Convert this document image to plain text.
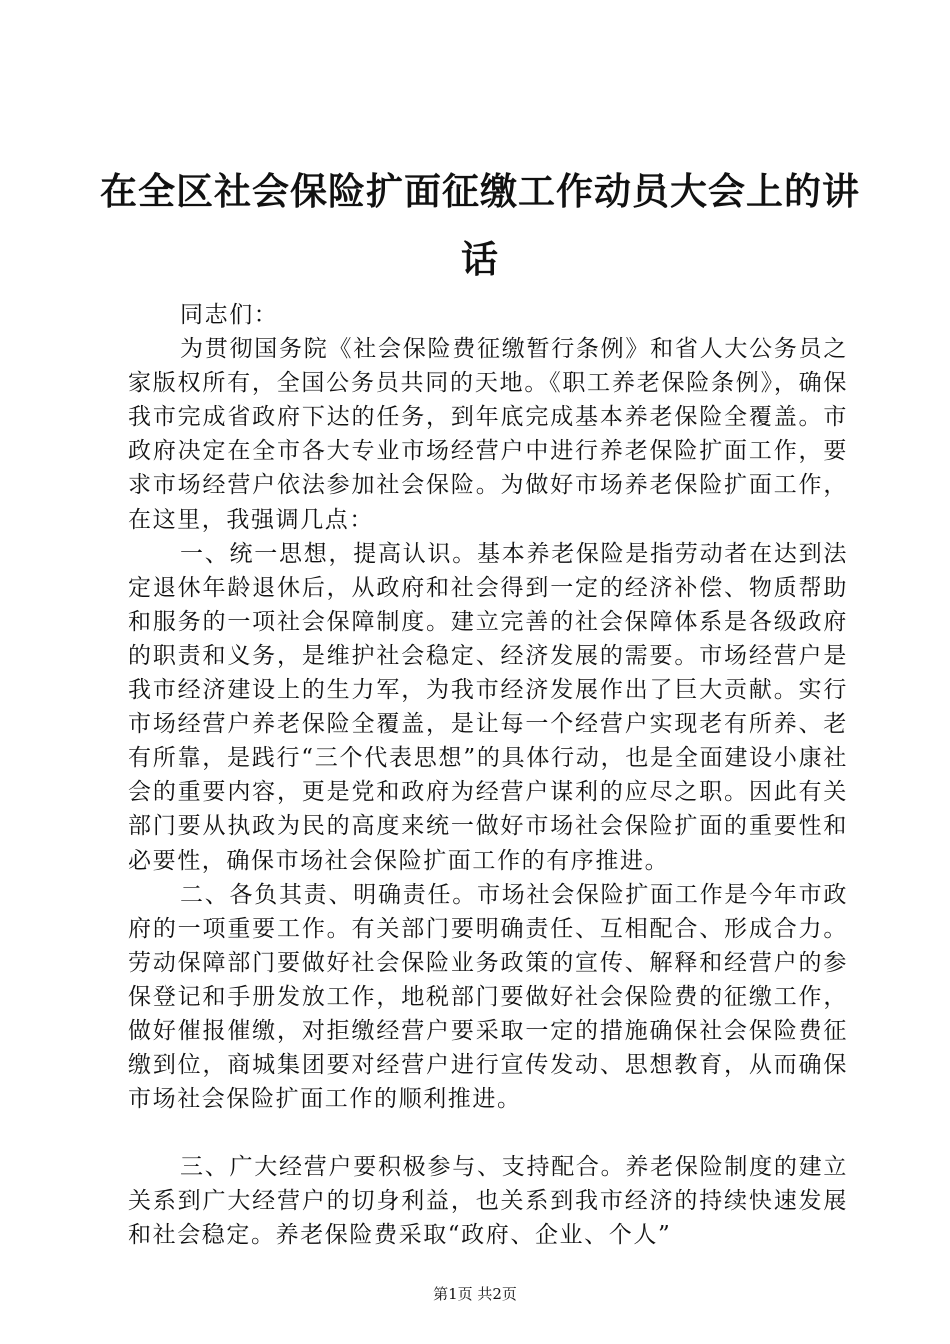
在全区社会保险扩面征缴工作动员大会上的讲话

同志们：

为贯彻国务院《社会保险费征缴暂行条例》和省人大公务员之家版权所有，全国公务员共同的天地。《职工养老保险条例》，确保我市完成省政府下达的任务，到年底完成基本养老保险全覆盖。市政府决定在全市各大专业市场经营户中进行养老保险扩面工作，要求市场经营户依法参加社会保险。为做好市场养老保险扩面工作，在这里，我强调几点：

一、统一思想，提高认识。基本养老保险是指劳动者在达到法定退休年龄退休后，从政府和社会得到一定的经济补偿、物质帮助和服务的一项社会保障制度。建立完善的社会保障体系是各级政府的职责和义务，是维护社会稳定、经济发展的需要。市场经营户是我市经济建设上的生力军，为我市经济发展作出了巨大贡献。实行市场经营户养老保险全覆盖，是让每一个经营户实现老有所养、老有所靠，是践行“三个代表思想”的具体行动，也是全面建设小康社会的重要内容，更是党和政府为经营户谋利的应尽之职。因此有关部门要从执政为民的高度来统一做好市场社会保险扩面的重要性和必要性，确保市场社会保险扩面工作的有序推进。

二、各负其责、明确责任。市场社会保险扩面工作是今年市政府的一项重要工作。有关部门要明确责任、互相配合、形成合力。劳动保障部门要做好社会保险业务政策的宣传、解释和经营户的参保登记和手册发放工作，地税部门要做好社会保险费的征缴工作，做好催报催缴，对拒缴经营户要采取一定的措施确保社会保险费征缴到位，商城集团要对经营户进行宣传发动、思想教育，从而确保市场社会保险扩面工作的顺利推进。

三、广大经营户要积极参与、支持配合。养老保险制度的建立关系到广大经营户的切身利益，也关系到我市经济的持续快速发展和社会稳定。养老保险费采取“政府、企业、个人”

第1页 共2页
